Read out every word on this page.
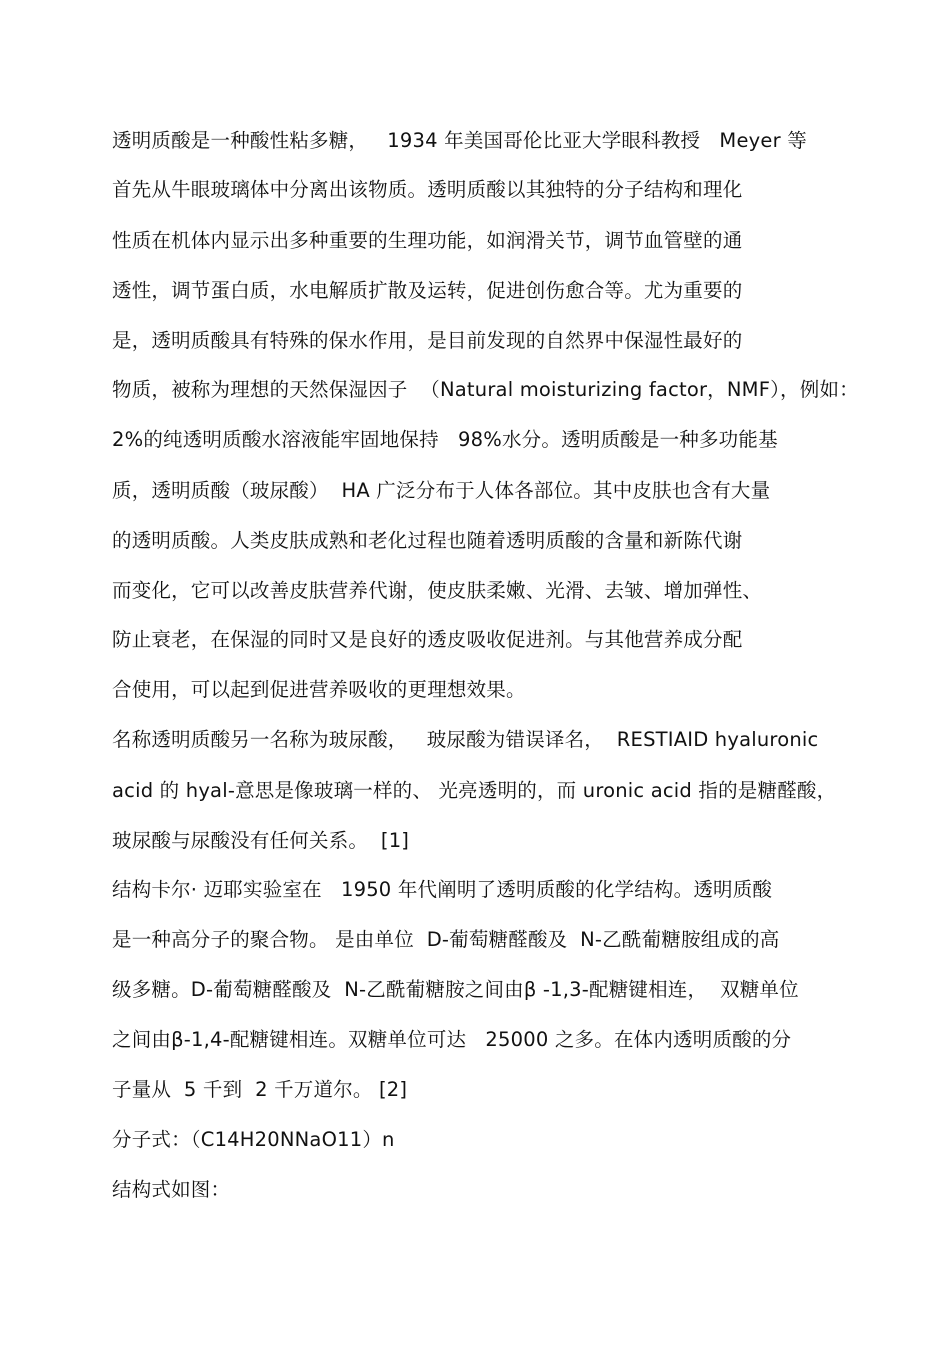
透明质酸是一种酸性粘多糖，   1934 年美国哥伦比亚大学眼科教授   Meyer 等
首先从牛眼玻璃体中分离出该物质。透明质酸以其独特的分子结构和理化
性质在机体内显示出多种重要的生理功能，如润滑关节，调节血管壁的通
透性，调节蛋白质，水电解质扩散及运转，促进创伤愈合等。尤为重要的
是，透明质酸具有特殊的保水作用，是目前发现的自然界中保湿性最好的
物质，被称为理想的天然保湿因子  （Natural moisturizing factor，NMF），例如：
2%的纯透明质酸水溶液能牢固地保持   98%水分。透明质酸是一种多功能基
质，透明质酸（玻尿酸）  HA 广泛分布于人体各部位。其中皮肤也含有大量
的透明质酸。人类皮肤成熟和老化过程也随着透明质酸的含量和新陈代谢
而变化，它可以改善皮肤营养代谢，使皮肤柔嫩、光滑、去皱、增加弹性、
防止衰老，在保湿的同时又是良好的透皮吸收促进剂。与其他营养成分配
合使用，可以起到促进营养吸收的更理想效果。
名称透明质酸另一名称为玻尿酸，   玻尿酸为错误译名，  RESTIAID hyaluronic
acid 的 hyal-意思是像玻璃一样的、 光亮透明的，而 uronic acid 指的是糖醛酸，
玻尿酸与尿酸没有任何关系。  [1]
结构卡尔· 迈耶实验室在   1950 年代阐明了透明质酸的化学结构。透明质酸
是一种高分子的聚合物。 是由单位  D-葡萄糖醛酸及  N-乙酰葡糖胺组成的高
级多糖。D-葡萄糖醛酸及  N-乙酰葡糖胺之间由β -1,3-配糖键相连，  双糖单位
之间由β-1,4-配糖键相连。双糖单位可达   25000 之多。在体内透明质酸的分
子量从  5 千到  2 千万道尔。 [2]
分子式：（C14H20NNaO11）n
结构式如图：
